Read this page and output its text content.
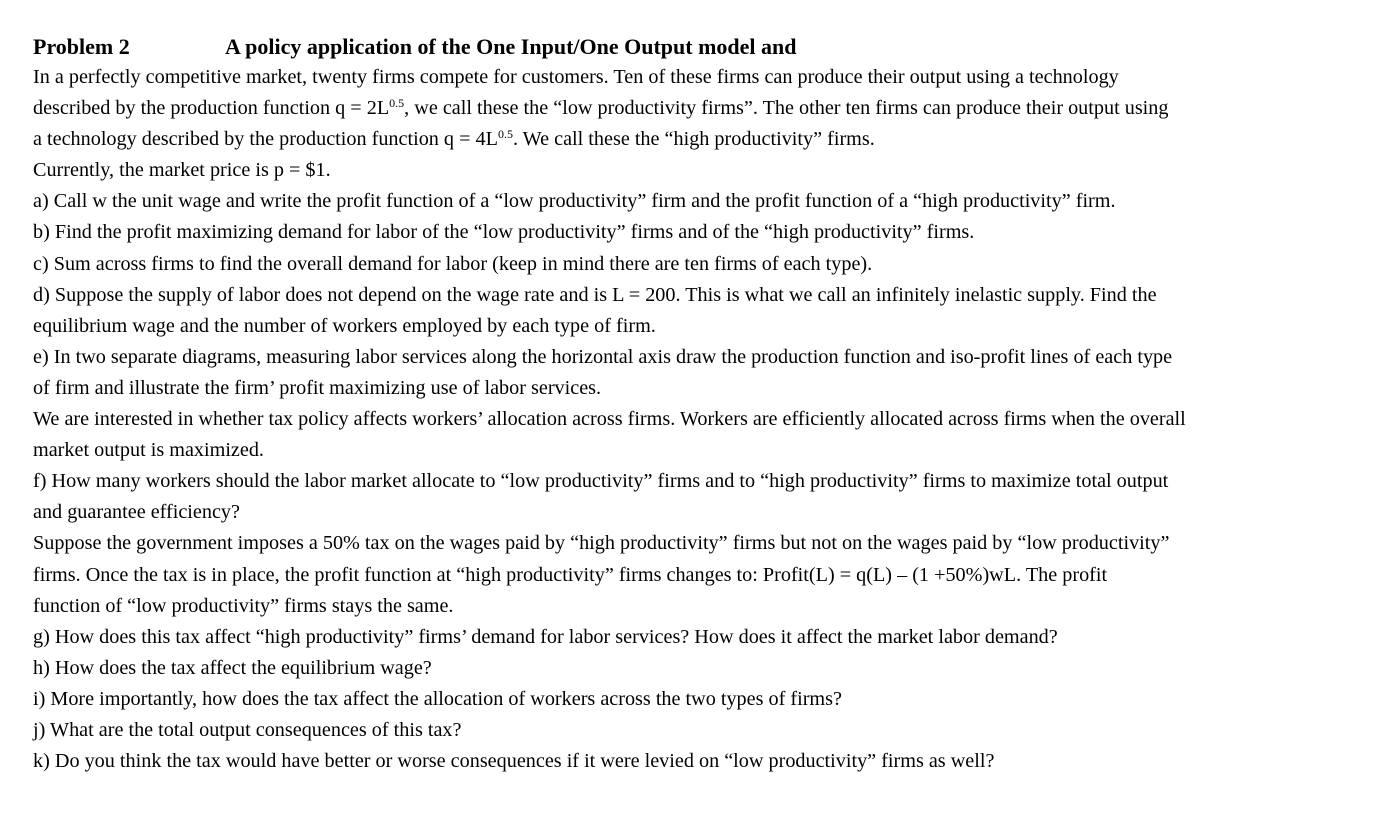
Problem 2	A policy application of the One Input/One Output model and

In a perfectly competitive market, twenty firms compete for customers. Ten of these firms can produce their output using a technology
described by the production function $q = 2L^{0.5}$, we call these the “low productivity firms”. The other ten firms can produce their output using
a technology described by the production function $q = 4L^{0.5}$. We call these the “high productivity” firms.

Currently, the market price is p = $1.

a) Call w the unit wage and write the profit function of a “low productivity” firm and the profit function of a “high productivity” firm.

b) Find the profit maximizing demand for labor of the “low productivity” firms and of the “high productivity” firms.

c) Sum across firms to find the overall demand for labor (keep in mind there are ten firms of each type).

d) Suppose the supply of labor does not depend on the wage rate and is L = 200. This is what we call an infinitely inelastic supply. Find the
equilibrium wage and the number of workers employed by each type of firm.

e) In two separate diagrams, measuring labor services along the horizontal axis draw the production function and iso-profit lines of each type
of firm and illustrate the firm’ profit maximizing use of labor services.

We are interested in whether tax policy affects workers’ allocation across firms. Workers are efficiently allocated across firms when the overall
market output is maximized.

f) How many workers should the labor market allocate to “low productivity” firms and to “high productivity” firms to maximize total output
and guarantee efficiency?

Suppose the government imposes a 50% tax on the wages paid by “high productivity” firms but not on the wages paid by “low productivity”
firms. Once the tax is in place, the profit function at “high productivity” firms changes to: Profit(L) = q(L) – (1 +50%)wL. The profit
function of “low productivity” firms stays the same.

g) How does this tax affect “high productivity” firms’ demand for labor services? How does it affect the market labor demand?

h) How does the tax affect the equilibrium wage?

i) More importantly, how does the tax affect the allocation of workers across the two types of firms?

j) What are the total output consequences of this tax?

k) Do you think the tax would have better or worse consequences if it were levied on “low productivity” firms as well?
